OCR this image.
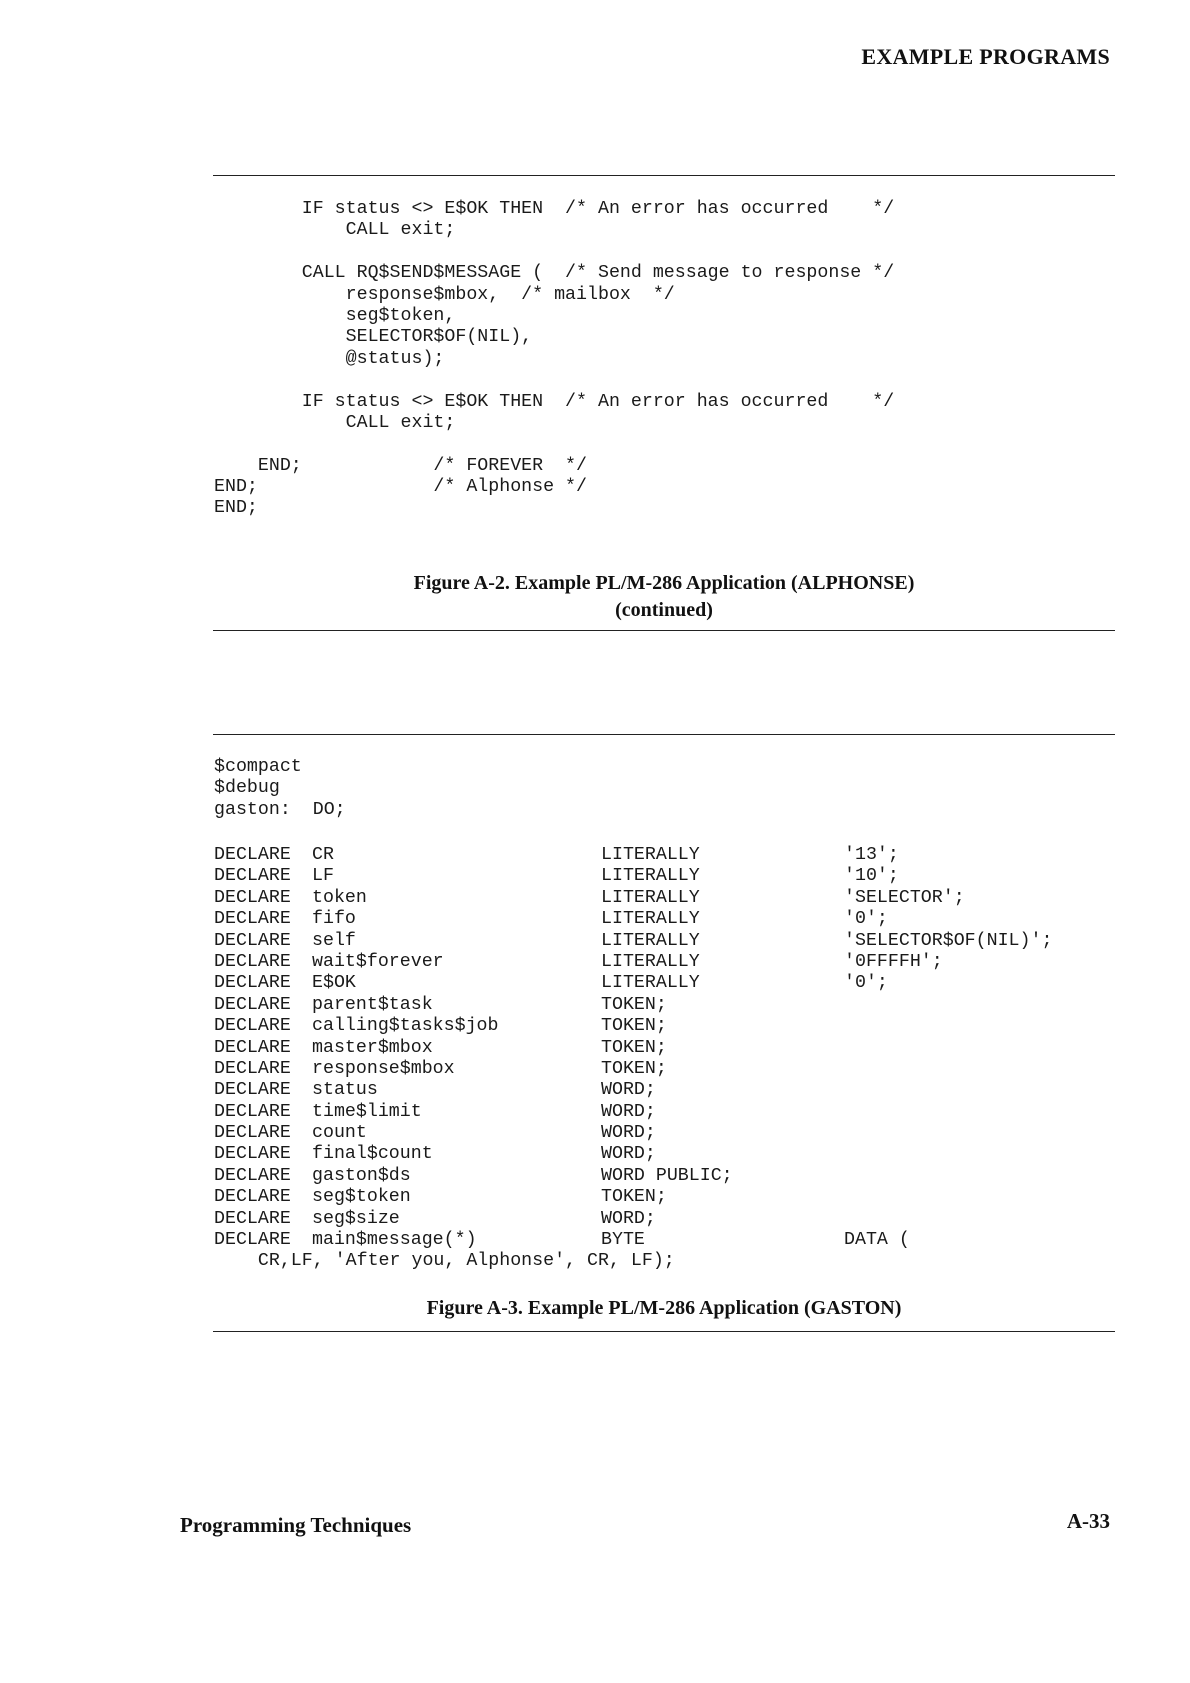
EXAMPLE PROGRAMS
IF status <> E$OK THEN  /* An error has occurred    */
CALL exit;
CALL RQ$SEND$MESSAGE (  /* Send message to response */
response$mbox,  /* mailbox  */
seg$token,
SELECTOR$OF(NIL),
@status);
IF status <> E$OK THEN  /* An error has occurred    */
CALL exit;
END;            /* FOREVER  */
END;                /* Alphonse */
END;
Figure A-2. Example PL/M-286 Application (ALPHONSE)
(continued)
$compact
$debug
gaston:  DO;
DECLARE CR	LITERALLY	'13';
DECLARE LF	LITERALLY	'10';
DECLARE token	LITERALLY	'SELECTOR';
DECLARE fifo	LITERALLY	'0';
DECLARE self	LITERALLY	'SELECTOR$OF(NIL)';
DECLARE wait$forever	LITERALLY	'0FFFFH';
DECLARE E$OK	LITERALLY	'0';
DECLARE parent$task	TOKEN;
DECLARE calling$tasks$job	TOKEN;
DECLARE master$mbox	TOKEN;
DECLARE response$mbox	TOKEN;
DECLARE status	WORD;
DECLARE time$limit	WORD;
DECLARE count	WORD;
DECLARE final$count	WORD;
DECLARE gaston$ds	WORD PUBLIC;
DECLARE seg$token	TOKEN;
DECLARE seg$size	WORD;
DECLARE main$message(*)	BYTE	DATA (
CR,LF, 'After you, Alphonse', CR, LF);
Figure A-3. Example PL/M-286 Application (GASTON)
Programming Techniques	A-33
